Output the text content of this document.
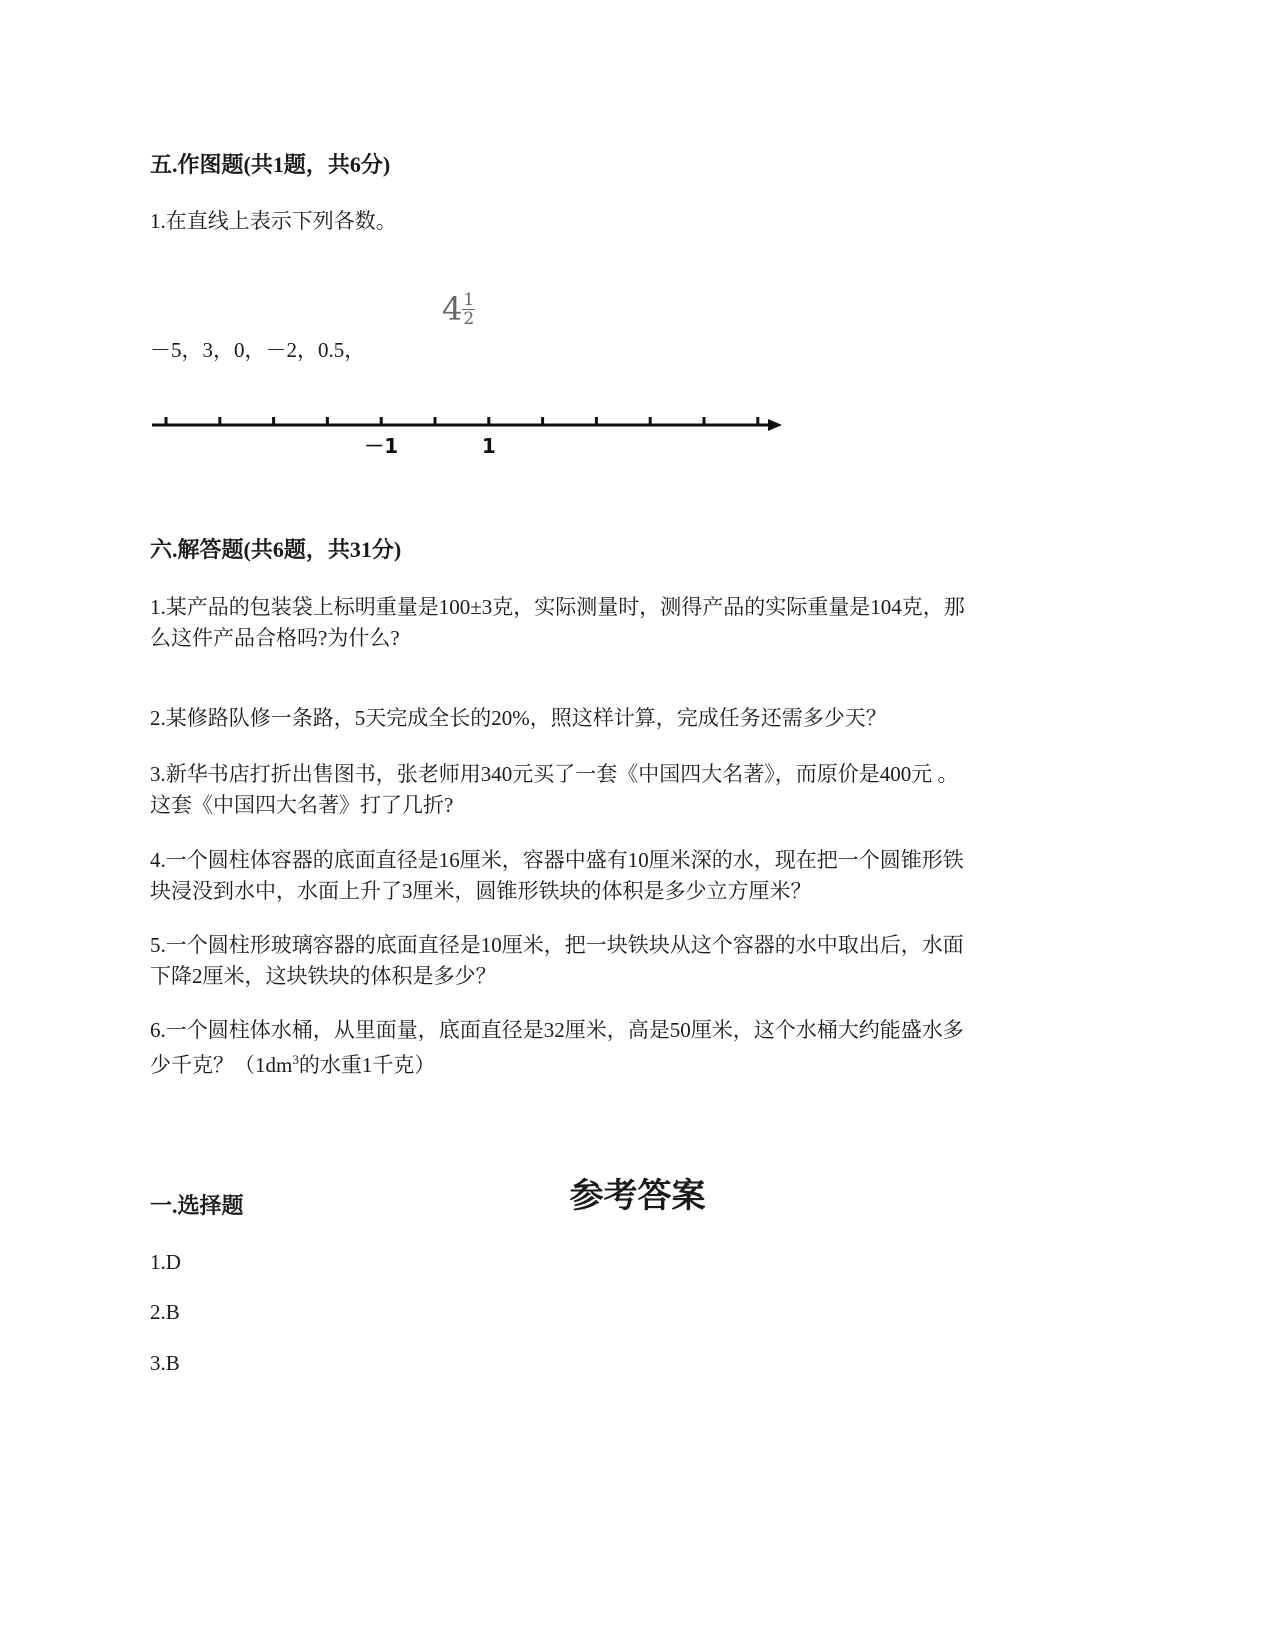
五.作图题(共1题，共6分)
1.在直线上表示下列各数。
－5，3，0，－2，0.5，
$4 \frac{1}{2}$
－1	1
六.解答题(共6题，共31分)
1.某产品的包装袋上标明重量是100±3克，实际测量时，测得产品的实际重量是104克，那
么这件产品合格吗?为什么?
2.某修路队修一条路，5天完成全长的20%，照这样计算，完成任务还需多少天？
3.新华书店打折出售图书，张老师用340元买了一套《中国四大名著》，而原价是400元 。
这套《中国四大名著》打了几折?
4.一个圆柱体容器的底面直径是16厘米，容器中盛有10厘米深的水，现在把一个圆锥形铁
块浸没到水中，水面上升了3厘米，圆锥形铁块的体积是多少立方厘米？
5.一个圆柱形玻璃容器的底面直径是10厘米，把一块铁块从这个容器的水中取出后，水面
下降2厘米，这块铁块的体积是多少？
6.一个圆柱体水桶，从里面量，底面直径是32厘米，高是50厘米，这个水桶大约能盛水多
少千克？（$1dm^3$的水重1千克）
参考答案
一.选择题
1.D
2.B
3.B
